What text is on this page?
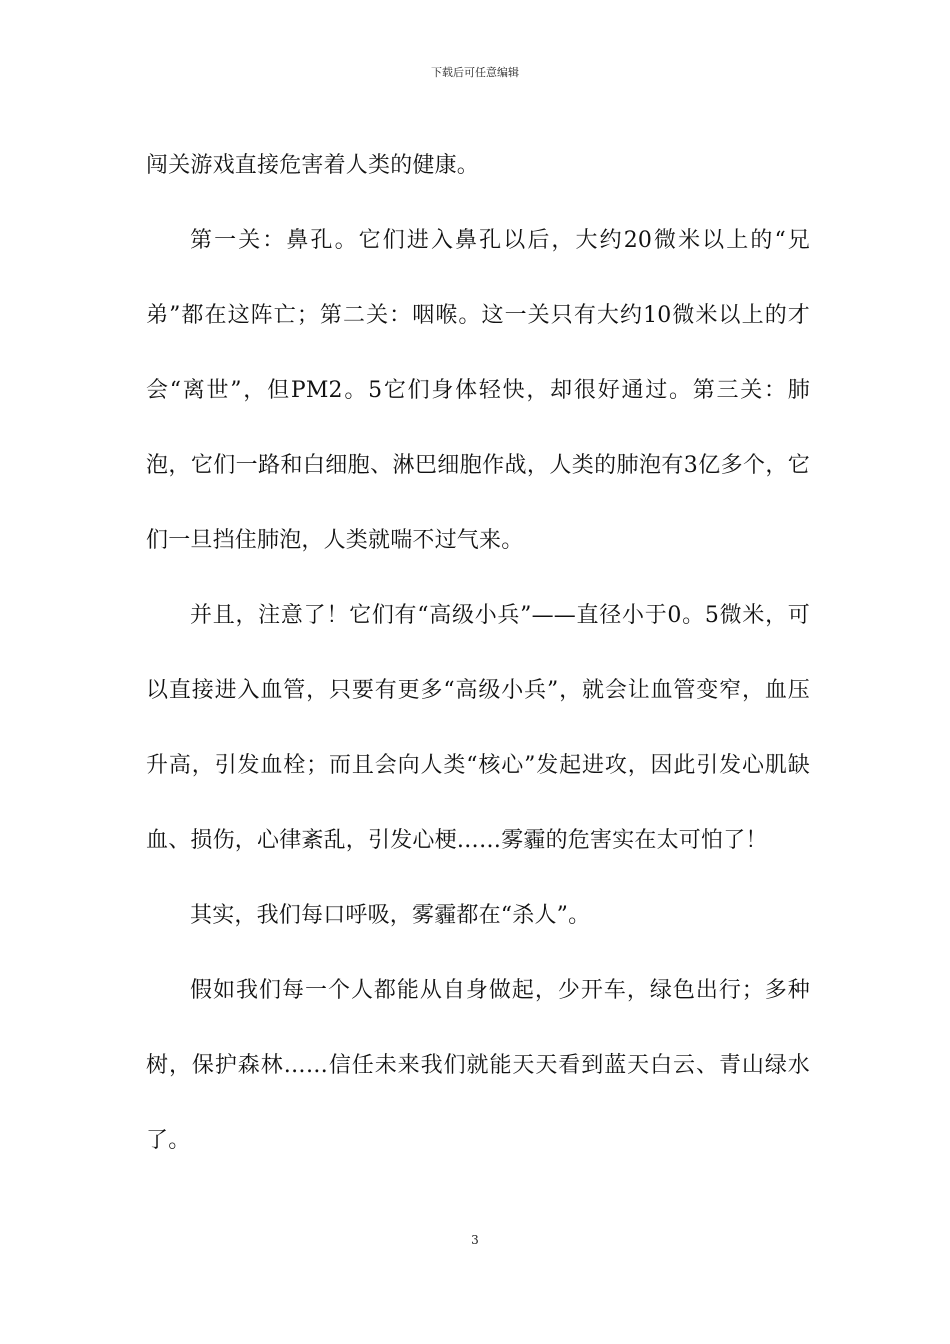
下载后可任意编辑

闯关游戏直接危害着人类的健康。

第一关：鼻孔。它们进入鼻孔以后，大约20微米以上的“兄弟”都在这阵亡；第二关：咽喉。这一关只有大约10微米以上的才会“离世”，但PM2。5它们身体轻快，却很好通过。第三关：肺泡，它们一路和白细胞、淋巴细胞作战，人类的肺泡有3亿多个，它们一旦挡住肺泡，人类就喘不过气来。

并且，注意了！它们有“高级小兵”——直径小于0。5微米，可以直接进入血管，只要有更多“高级小兵”，就会让血管变窄，血压升高，引发血栓；而且会向人类“核心”发起进攻，因此引发心肌缺血、损伤，心律紊乱，引发心梗……雾霾的危害实在太可怕了！

其实，我们每口呼吸，雾霾都在“杀人”。

假如我们每一个人都能从自身做起，少开车，绿色出行；多种树，保护森林……信任未来我们就能天天看到蓝天白云、青山绿水了。

3
